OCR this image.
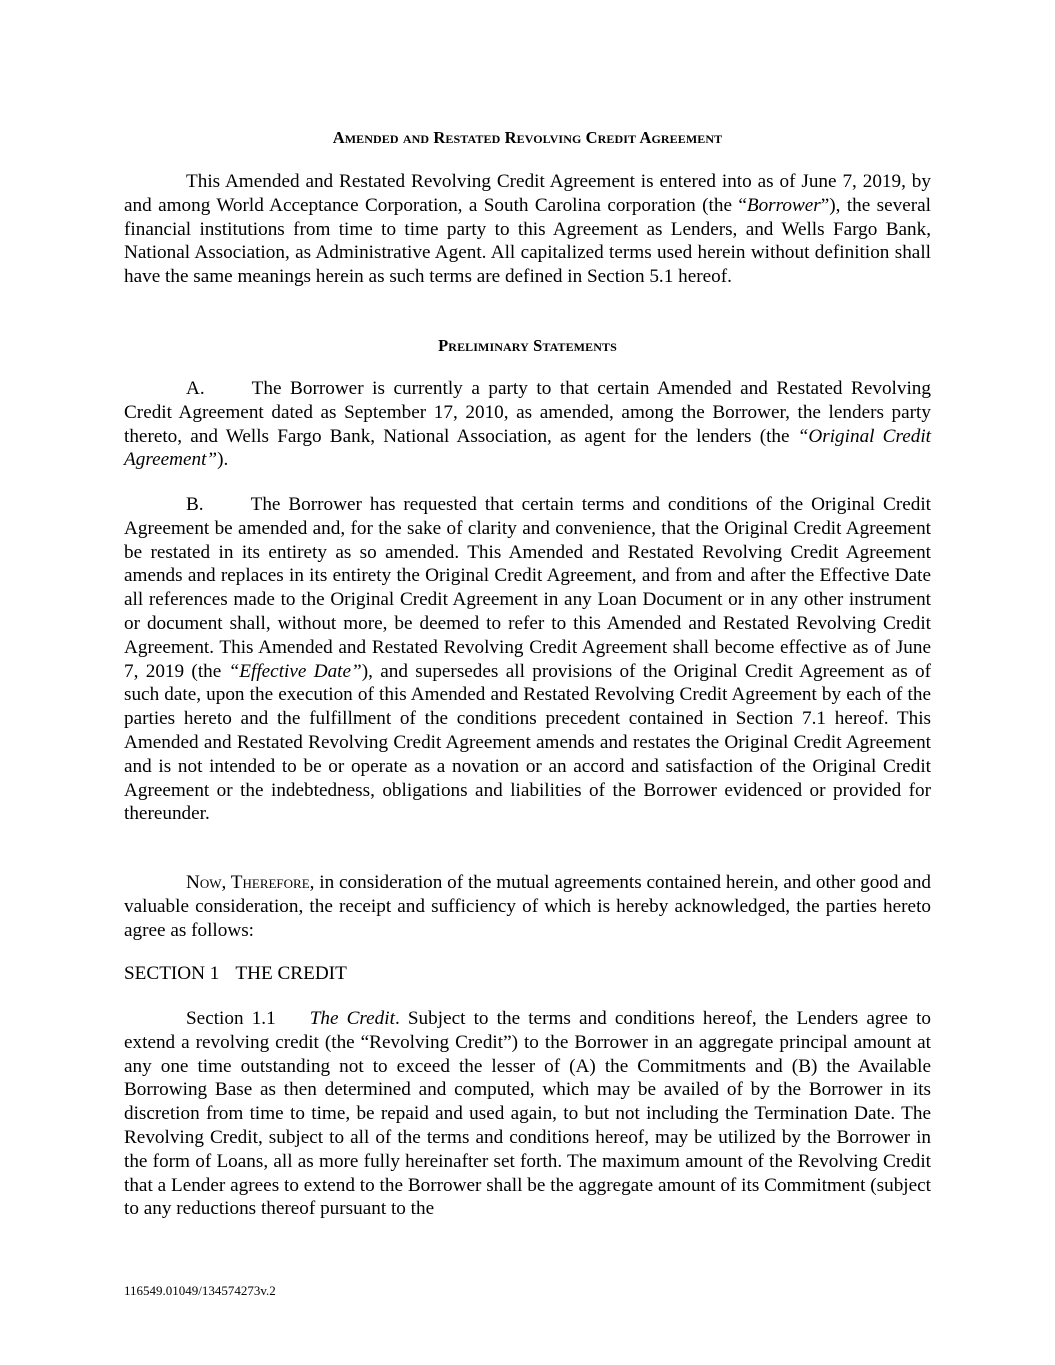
Amended and Restated Revolving Credit Agreement

This Amended and Restated Revolving Credit Agreement is entered into as of June 7, 2019, by and among World Acceptance Corporation, a South Carolina corporation (the “Borrower”), the several financial institutions from time to time party to this Agreement as Lenders, and Wells Fargo Bank, National Association, as Administrative Agent. All capitalized terms used herein without definition shall have the same meanings herein as such terms are defined in Section 5.1 hereof.

Preliminary Statements

A. The Borrower is currently a party to that certain Amended and Restated Revolving Credit Agreement dated as September 17, 2010, as amended, among the Borrower, the lenders party thereto, and Wells Fargo Bank, National Association, as agent for the lenders (the “Original Credit Agreement”).

B. The Borrower has requested that certain terms and conditions of the Original Credit Agreement be amended and, for the sake of clarity and convenience, that the Original Credit Agreement be restated in its entirety as so amended. This Amended and Restated Revolving Credit Agreement amends and replaces in its entirety the Original Credit Agreement, and from and after the Effective Date all references made to the Original Credit Agreement in any Loan Document or in any other instrument or document shall, without more, be deemed to refer to this Amended and Restated Revolving Credit Agreement. This Amended and Restated Revolving Credit Agreement shall become effective as of June 7, 2019 (the “Effective Date”), and supersedes all provisions of the Original Credit Agreement as of such date, upon the execution of this Amended and Restated Revolving Credit Agreement by each of the parties hereto and the fulfillment of the conditions precedent contained in Section 7.1 hereof. This Amended and Restated Revolving Credit Agreement amends and restates the Original Credit Agreement and is not intended to be or operate as a novation or an accord and satisfaction of the Original Credit Agreement or the indebtedness, obligations and liabilities of the Borrower evidenced or provided for thereunder.

Now, Therefore, in consideration of the mutual agreements contained herein, and other good and valuable consideration, the receipt and sufficiency of which is hereby acknowledged, the parties hereto agree as follows:

SECTION 1 THE CREDIT

Section 1.1 The Credit. Subject to the terms and conditions hereof, the Lenders agree to extend a revolving credit (the “Revolving Credit”) to the Borrower in an aggregate principal amount at any one time outstanding not to exceed the lesser of (A) the Commitments and (B) the Available Borrowing Base as then determined and computed, which may be availed of by the Borrower in its discretion from time to time, be repaid and used again, to but not including the Termination Date. The Revolving Credit, subject to all of the terms and conditions hereof, may be utilized by the Borrower in the form of Loans, all as more fully hereinafter set forth. The maximum amount of the Revolving Credit that a Lender agrees to extend to the Borrower shall be the aggregate amount of its Commitment (subject to any reductions thereof pursuant to the

116549.01049/134574273v.2
